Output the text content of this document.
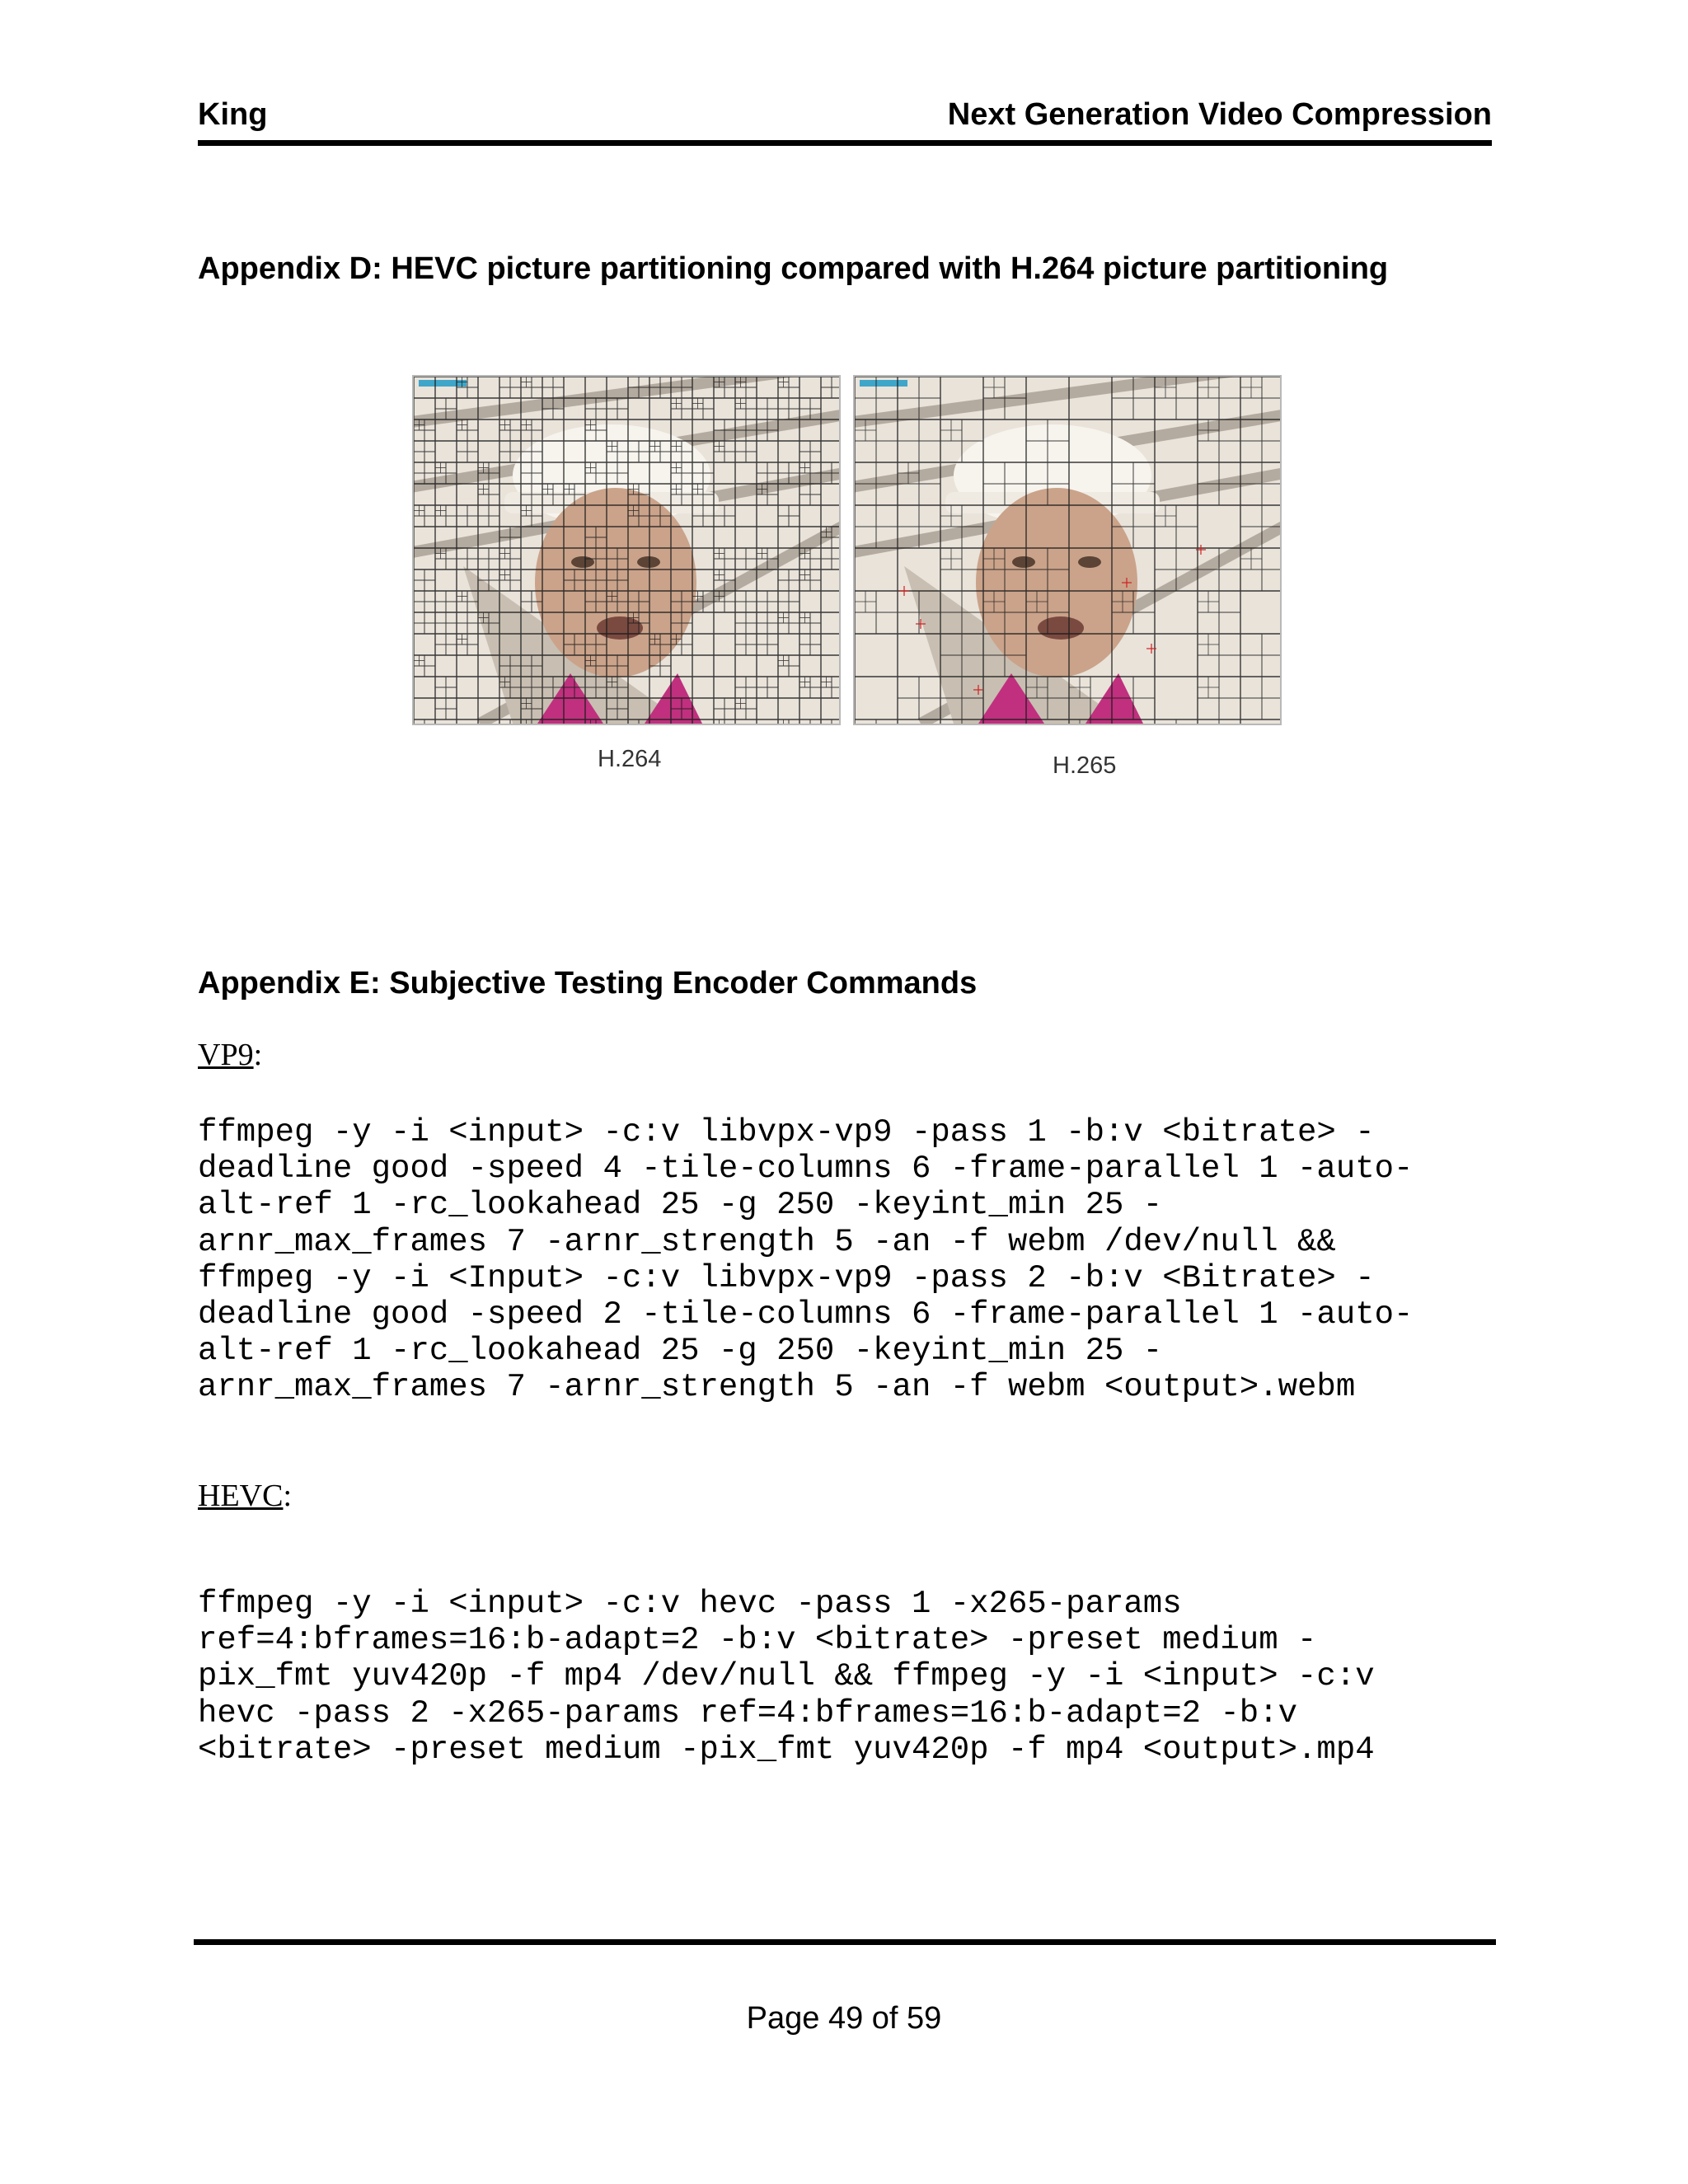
King	Next Generation Video Compression
Appendix D: HEVC picture partitioning compared with H.264 picture partitioning
H.264	H.265
Appendix E: Subjective Testing Encoder Commands
VP9:
ffmpeg -y -i <input> -c:v libvpx-vp9 -pass 1 -b:v <bitrate> -
deadline good -speed 4 -tile-columns 6 -frame-parallel 1 -auto-
alt-ref 1 -rc_lookahead 25 -g 250 -keyint_min 25 -
arnr_max_frames 7 -arnr_strength 5 -an -f webm /dev/null &&
ffmpeg -y -i <Input> -c:v libvpx-vp9 -pass 2 -b:v <Bitrate> -
deadline good -speed 2 -tile-columns 6 -frame-parallel 1 -auto-
alt-ref 1 -rc_lookahead 25 -g 250 -keyint_min 25 -
arnr_max_frames 7 -arnr_strength 5 -an -f webm <output>.webm
HEVC:
ffmpeg -y -i <input> -c:v hevc -pass 1 -x265-params
ref=4:bframes=16:b-adapt=2 -b:v <bitrate> -preset medium -
pix_fmt yuv420p -f mp4 /dev/null && ffmpeg -y -i <input> -c:v
hevc -pass 2 -x265-params ref=4:bframes=16:b-adapt=2 -b:v
<bitrate> -preset medium -pix_fmt yuv420p -f mp4 <output>.mp4
Page 49 of 59
